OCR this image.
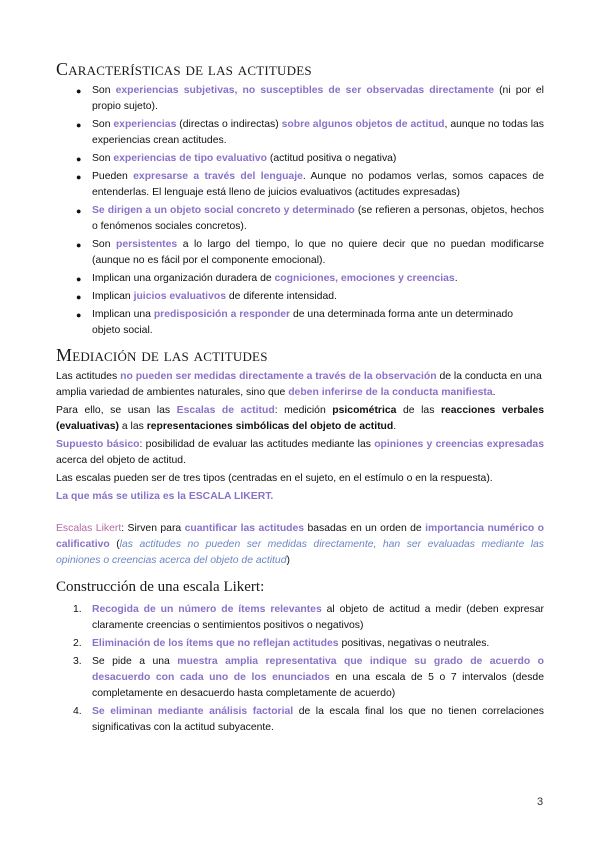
Características de las actitudes
● Son experiencias subjetivas, no susceptibles de ser observadas directamente (ni por el propio sujeto).
● Son experiencias (directas o indirectas) sobre algunos objetos de actitud, aunque no todas las experiencias crean actitudes.
● Son experiencias de tipo evaluativo (actitud positiva o negativa)
● Pueden expresarse a través del lenguaje. Aunque no podamos verlas, somos capaces de entenderlas. El lenguaje está lleno de juicios evaluativos (actitudes expresadas)
● Se dirigen a un objeto social concreto y determinado (se refieren a personas, objetos, hechos o fenómenos sociales concretos).
● Son persistentes a lo largo del tiempo, lo que no quiere decir que no puedan modificarse (aunque no es fácil por el componente emocional).
● Implican una organización duradera de cogniciones, emociones y creencias.
● Implican juicios evaluativos de diferente intensidad.
● Implican una predisposición a responder de una determinada forma ante un determinado objeto social.
Mediación de las actitudes

Las actitudes no pueden ser medidas directamente a través de la observación de la conducta en una amplia variedad de ambientes naturales, sino que deben inferirse de la conducta manifiesta.

Para ello, se usan las Escalas de actitud: medición psicométrica de las reacciones verbales (evaluativas) a las representaciones simbólicas del objeto de actitud.

Supuesto básico: posibilidad de evaluar las actitudes mediante las opiniones y creencias expresadas acerca del objeto de actitud.

Las escalas pueden ser de tres tipos (centradas en el sujeto, en el estímulo o en la respuesta).

La que más se utiliza es la ESCALA LIKERT.

Escalas Likert: Sirven para cuantificar las actitudes basadas en un orden de importancia numérico o calificativo (las actitudes no pueden ser medidas directamente, han ser evaluadas mediante las opiniones o creencias acerca del objeto de actitud)

Construcción de una escala Likert:
1. Recogida de un número de ítems relevantes al objeto de actitud a medir (deben expresar claramente creencias o sentimientos positivos o negativos)
2. Eliminación de los ítems que no reflejan actitudes positivas, negativas o neutrales.
3. Se pide a una muestra amplia representativa que indique su grado de acuerdo o desacuerdo con cada uno de los enunciados en una escala de 5 o 7 intervalos (desde completamente en desacuerdo hasta completamente de acuerdo)
4. Se eliminan mediante análisis factorial de la escala final los que no tienen correlaciones significativas con la actitud subyacente.
3
